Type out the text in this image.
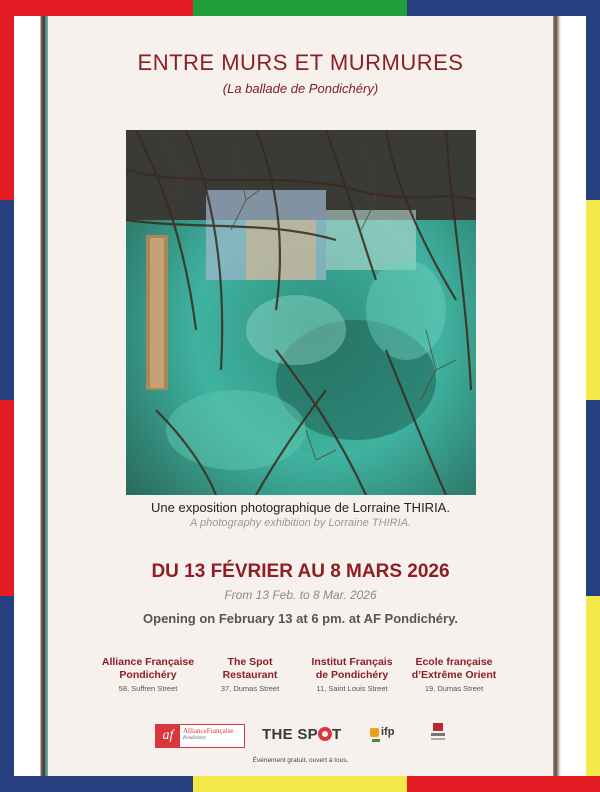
ENTRE MURS ET MURMURES
(La ballade de Pondichéry)
Une exposition photographique de Lorraine THIRIA.
A photography exhibition by Lorraine THIRIA.
DU 13 FÉVRIER AU 8 MARS 2026
From 13 Feb. to 8 Mar. 2026
Opening on February 13 at 6 pm. at AF Pondichéry.
Alliance Française
Pondichéry
58, Suffren Street
The Spot
Restaurant
37, Dumas Street
Institut Français
de Pondichéry
11, Saint Louis Street
Ecole française
d’Extrême Orient
19, Dumas Street
af	AllianceFrançaise
Pondichéry	THE SP T	ifp
Événement gratuit, ouvert à tous.
